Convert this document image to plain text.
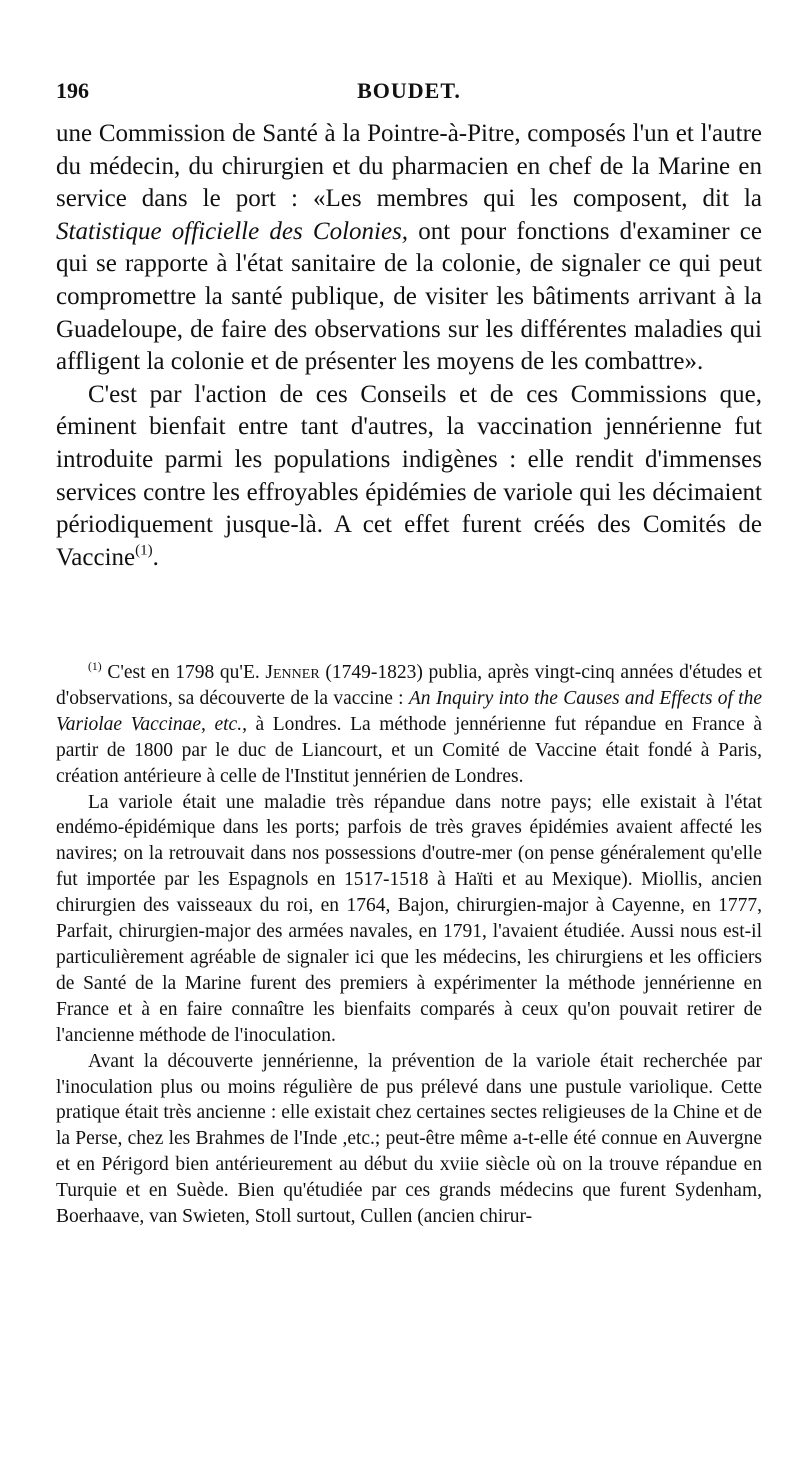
196	BOUDET.

une Commission de Santé à la Pointre-à-Pitre, composés l'un et l'autre du médecin, du chirurgien et du pharmacien en chef de la Marine en service dans le port : «Les membres qui les composent, dit la Statistique officielle des Colonies, ont pour fonctions d'examiner ce qui se rapporte à l'état sanitaire de la colonie, de signaler ce qui peut compromettre la santé publique, de visiter les bâtiments arrivant à la Guadeloupe, de faire des observations sur les différentes maladies qui affligent la colonie et de présenter les moyens de les combattre».

C'est par l'action de ces Conseils et de ces Commissions que, éminent bienfait entre tant d'autres, la vaccination jennérienne fut introduite parmi les populations indigènes : elle rendit d'immenses services contre les effroyables épidémies de variole qui les décimaient périodiquement jusque-là. A cet effet furent créés des Comités de Vaccine$^{(1)}$.

$^{(1)}$ C'est en 1798 qu'E. Jenner (1749-1823) publia, après vingt-cinq années d'études et d'observations, sa découverte de la vaccine : An Inquiry into the Causes and Effects of the Variolae Vaccinae, etc., à Londres. La méthode jennérienne fut répandue en France à partir de 1800 par le duc de Liancourt, et un Comité de Vaccine était fondé à Paris, création antérieure à celle de l'Institut jennérien de Londres.

La variole était une maladie très répandue dans notre pays; elle existait à l'état endémo-épidémique dans les ports; parfois de très graves épidémies avaient affecté les navires; on la retrouvait dans nos possessions d'outre-mer (on pense généralement qu'elle fut importée par les Espagnols en 1517-1518 à Haïti et au Mexique). Miollis, ancien chirurgien des vaisseaux du roi, en 1764, Bajon, chirurgien-major à Cayenne, en 1777, Parfait, chirurgien-major des armées navales, en 1791, l'avaient étudiée. Aussi nous est-il particulièrement agréable de signaler ici que les médecins, les chirurgiens et les officiers de Santé de la Marine furent des premiers à expérimenter la méthode jennérienne en France et à en faire connaître les bienfaits comparés à ceux qu'on pouvait retirer de l'ancienne méthode de l'inoculation.

Avant la découverte jennérienne, la prévention de la variole était recherchée par l'inoculation plus ou moins régulière de pus prélevé dans une pustule variolique. Cette pratique était très ancienne : elle existait chez certaines sectes religieuses de la Chine et de la Perse, chez les Brahmes de l'Inde ,etc.; peut-être même a-t-elle été connue en Auvergne et en Périgord bien antérieurement au début du xviie siècle où on la trouve répandue en Turquie et en Suède. Bien qu'étudiée par ces grands médecins que furent Sydenham, Boerhaave, van Swieten, Stoll surtout, Cullen (ancien chirur-
